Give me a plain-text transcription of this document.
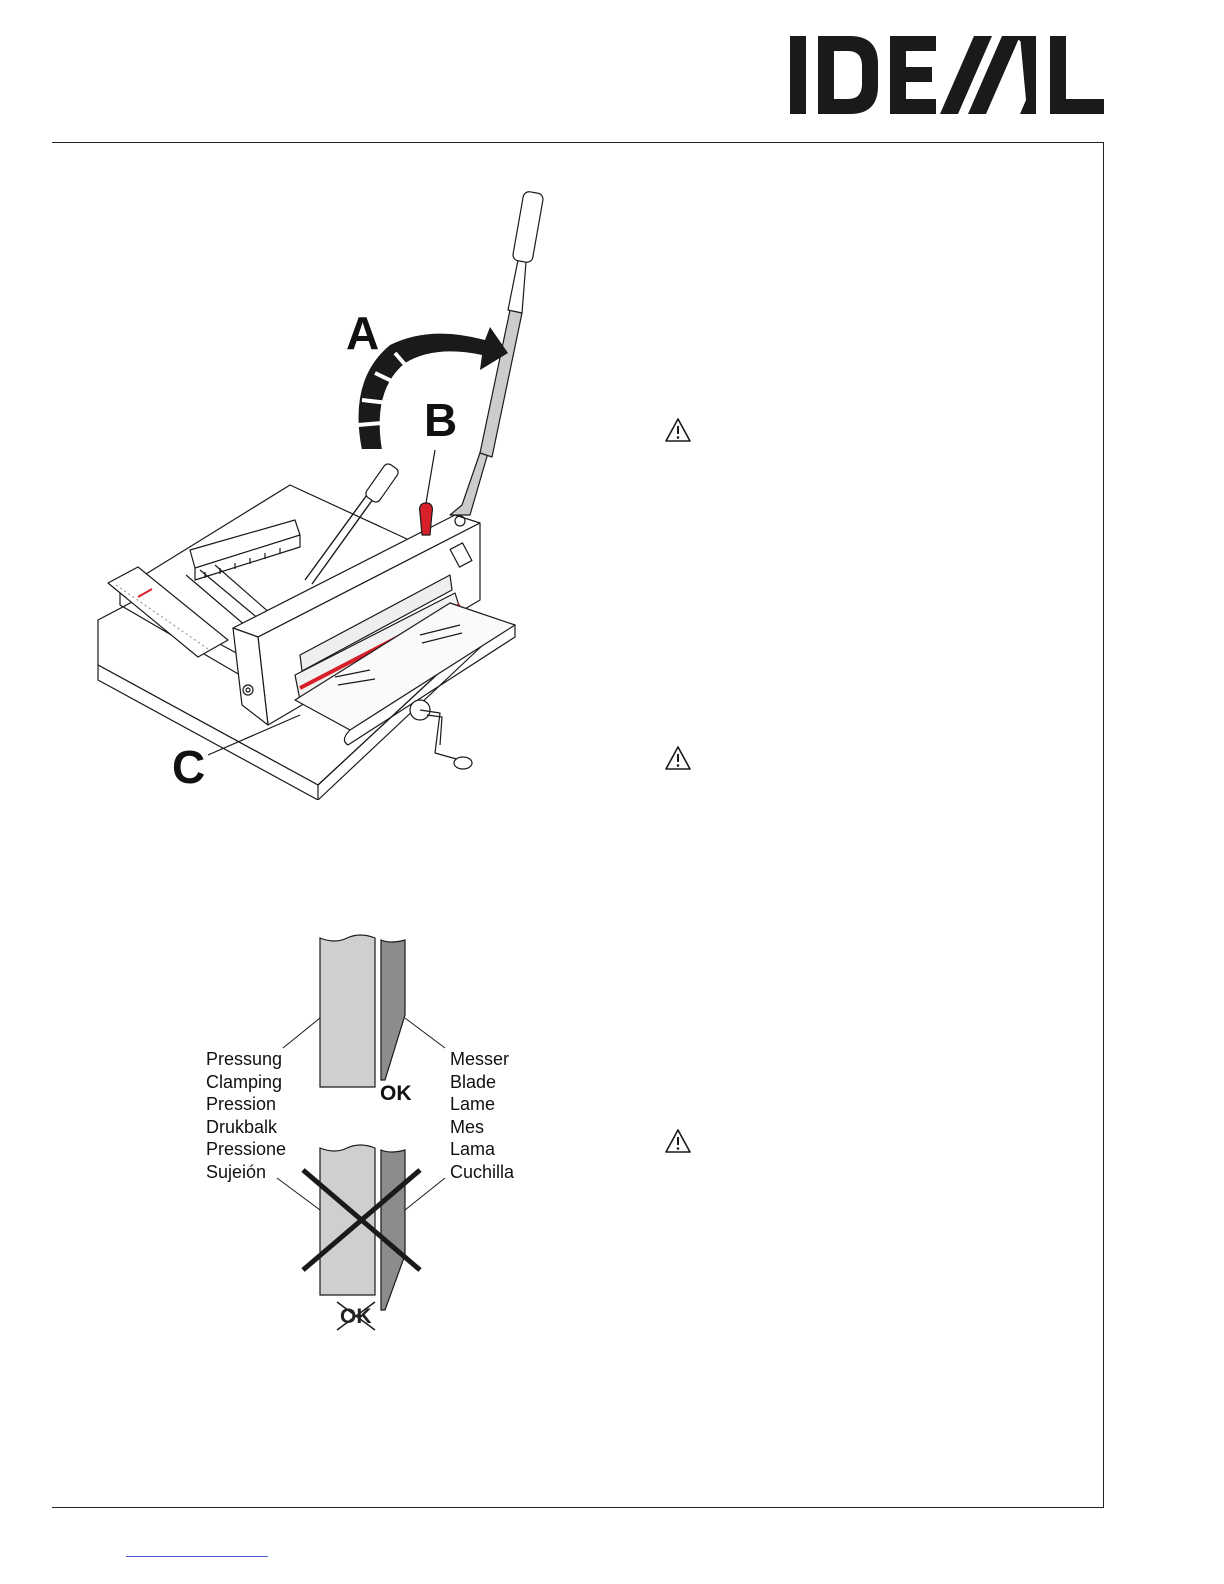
A
B
C
Pressung
Clamping
Pression
Drukbalk
Pressione
Sujeión
Messer
Blade
Lame
Mes
Lama
Cuchilla
OK
OK
